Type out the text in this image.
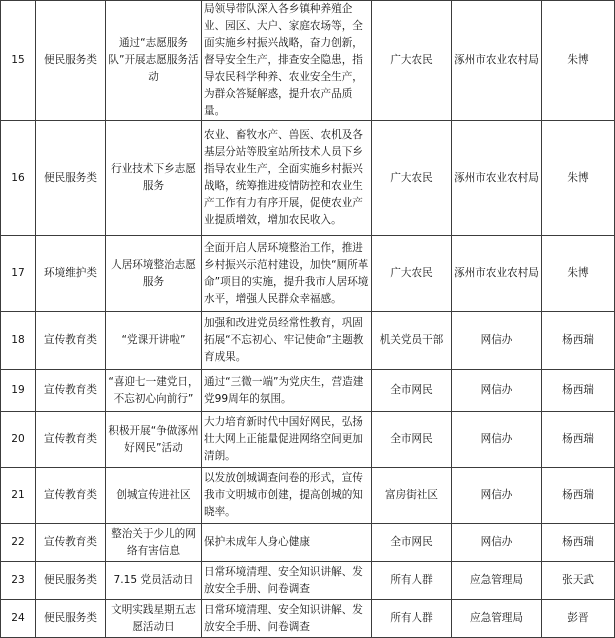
15	便民服务类	通过“志愿服务队”开展志愿服务活动	局领导带队深入各乡镇种养殖企业、园区、大户、家庭农场等，全面实施乡村振兴战略，奋力创新，督导安全生产，排查安全隐患，指导农民科学种养、农业安全生产，为群众答疑解惑，提升农产品质量。	广大农民	涿州市农业农村局	朱博
16	便民服务类	行业技术下乡志愿服务	农业、畜牧水产、兽医、农机及各基层分站等股室站所技术人员下乡指导农业生产，全面实施乡村振兴战略，统筹推进疫情防控和农业生产工作有力有序开展，促使农业产业提质增效，增加农民收入。	广大农民	涿州市农业农村局	朱博
17	环境维护类	人居环境整治志愿服务	全面开启人居环境整治工作，推进乡村振兴示范村建设，加快“厕所革命”项目的实施，提升我市人居环境水平，增强人民群众幸福感。	广大农民	涿州市农业农村局	朱博
18	宣传教育类	“党课开讲啦”	加强和改进党员经常性教育，巩固拓展“不忘初心、牢记使命”主题教育成果。	机关党员干部	网信办	杨西瑞
19	宣传教育类	“喜迎七一建党日，不忘初心向前行”	通过“三微一端”为党庆生，营造建党99周年的氛围。	全市网民	网信办	杨西瑞
20	宣传教育类	积极开展“争做涿州好网民”活动	大力培育新时代中国好网民，弘扬壮大网上正能量促进网络空间更加清朗。	全市网民	网信办	杨西瑞
21	宣传教育类	创城宣传进社区	以发放创城调查问卷的形式，宣传我市文明城市创建，提高创城的知晓率。	富房街社区	网信办	杨西瑞
22	宣传教育类	整治关于少儿的网络有害信息	保护未成年人身心健康	全市网民	网信办	杨西瑞
23	便民服务类	7.15 党员活动日	日常环境清理、安全知识讲解、发放安全手册、问卷调查	所有人群	应急管理局	张天武
24	便民服务类	文明实践星期五志愿活动日	日常环境清理、安全知识讲解、发放安全手册、问卷调查	所有人群	应急管理局	彭晋
